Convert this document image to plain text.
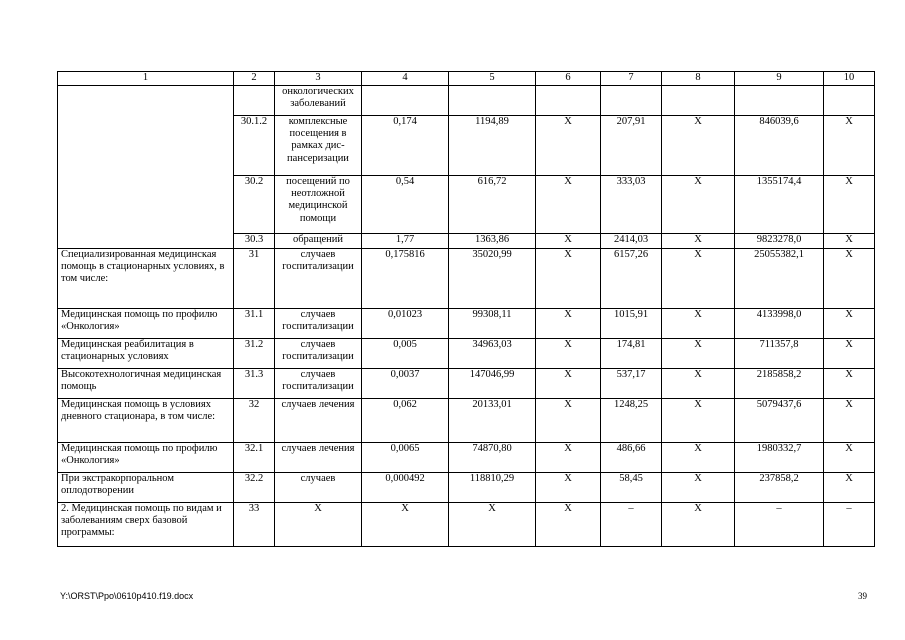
1	2	3	4	5	6	7	8	9	10
		онкологических заболеваний							
	30.1.2	комплексные посещения в рамках дис-пансеризации	0,174	1194,89	Х	207,91	Х	846039,6	Х
	30.2	посещений по неотложной медицинской помощи	0,54	616,72	Х	333,03	Х	1355174,4	Х
	30.3	обращений	1,77	1363,86	Х	2414,03	Х	9823278,0	Х
Специализированная медицинская помощь в стационарных условиях, в том числе:	31	случаев госпитализации	0,175816	35020,99	Х	6157,26	Х	25055382,1	Х
Медицинская помощь по профилю «Онкология»	31.1	случаев госпитализации	0,01023	99308,11	Х	1015,91	Х	4133998,0	Х
Медицинская реабилитация в стационарных условиях	31.2	случаев госпитализации	0,005	34963,03	Х	174,81	Х	711357,8	Х
Высокотехнологичная медицинская помощь	31.3	случаев госпитализации	0,0037	147046,99	Х	537,17	Х	2185858,2	Х
Медицинская помощь в условиях дневного стационара, в том числе:	32	случаев лечения	0,062	20133,01	Х	1248,25	Х	5079437,6	Х
Медицинская помощь по профилю «Онкология»	32.1	случаев лечения	0,0065	74870,80	Х	486,66	Х	1980332,7	Х
При экстракорпоральном оплодотворении	32.2	случаев	0,000492	118810,29	Х	58,45	Х	237858,2	Х
2. Медицинская помощь по видам и заболеваниям сверх базовой программы:	33	Х	Х	Х	Х	–	Х	–	–
Y:\ORST\Ppo\0610p410.f19.docx	39
